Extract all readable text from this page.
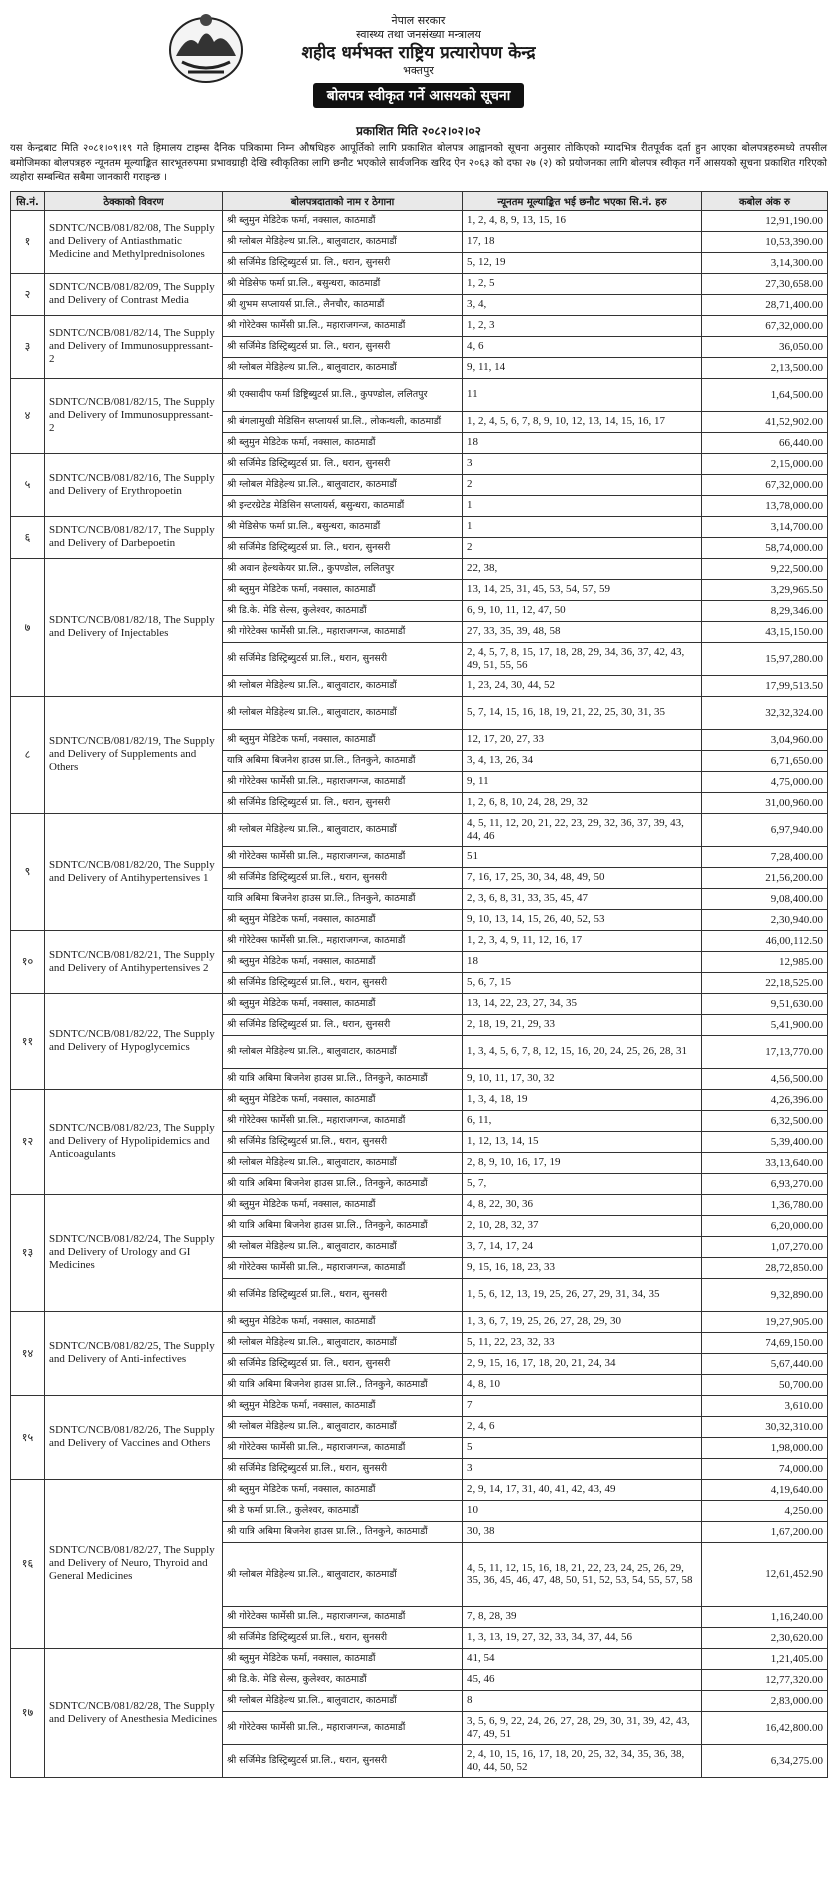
नेपाल सरकार
स्वास्थ्य तथा जनसंख्या मन्त्रालय
शहीद धर्मभक्त राष्ट्रिय प्रत्यारोपण केन्द्र
भक्तपुर
बोलपत्र स्वीकृत गर्ने आसयको सूचना
प्रकाशित मिति २०८२।०२।०२
यस केन्द्रबाट मिति २०८१।०९।१९ गते हिमालय टाइम्स दैनिक पत्रिकामा निम्न औषधिहरु आपूर्तिको लागि प्रकाशित बोलपत्र आह्वानको सूचना अनुसार तोकिएको म्यादभित्र रीतपूर्वक दर्ता हुन आएका बोलपत्रहरुमध्ये तपसील बमोजिमका बोलपत्रहरु न्यूनतम मूल्याङ्कित सारभूतरुपमा प्रभावग्राही देखि स्वीकृतिका लागि छनौट भएकोले सार्वजनिक खरिद ऐन २०६३ को दफा २७ (२) को प्रयोजनका लागि बोलपत्र स्वीकृत गर्ने आसयको सूचना प्रकाशित गरिएको व्यहोरा सम्बन्धित सबैमा जानकारी गराइन्छ ।
सि.नं.	ठेक्काको विवरण	बोलपत्रदाताको नाम र ठेगाना	न्यूनतम मूल्याङ्कित भई छनौट भएका सि.नं. हरु	कबोल अंक रु
१	SDNTC/NCB/081/82/08, The Supply and Delivery of Antiasthmatic Medicine and Methylprednisolones	श्री ब्लुमुन मेडिटेक फर्मा, नक्साल, काठमाडौं	1, 2, 4, 8, 9, 13, 15, 16	12,91,190.00
		श्री ग्लोबल मेडिहेल्थ प्रा.लि., बालुवाटार, काठमाडौं	17, 18	10,53,390.00
		श्री सर्जिमेड डिस्ट्रिब्युटर्स प्रा. लि., धरान, सुनसरी	5, 12, 19	3,14,300.00
२	SDNTC/NCB/081/82/09, The Supply and Delivery of Contrast Media	श्री मेडिसेफ फर्मा प्रा.लि., बसुन्धरा, काठमाडौं	1, 2, 5	27,30,658.00
		श्री शुभम सप्लायर्स प्रा.लि., लैनचौर, काठमाडौं	3, 4,	28,71,400.00
३	SDNTC/NCB/081/82/14, The Supply and Delivery of Immunosuppressant-2	श्री गोरेटेक्स फार्मेसी प्रा.लि., महाराजगन्ज, काठमाडौं	1, 2, 3	67,32,000.00
		श्री सर्जिमेड डिस्ट्रिब्युटर्स प्रा. लि., धरान, सुनसरी	4, 6	36,050.00
		श्री ग्लोबल मेडिहेल्थ प्रा.लि., बालुवाटार, काठमाडौं	9, 11, 14	2,13,500.00
४	SDNTC/NCB/081/82/15, The Supply and Delivery of Immunosuppressant-2	श्री एक्सादीप फर्मा डिष्ट्रिब्युटर्स प्रा.लि., कुपण्डोल, ललितपुर	11	1,64,500.00
		श्री बंगलामुखी मेडिसिन सप्लायर्स प्रा.लि., लोकन्थली, काठमाडौं	1, 2, 4, 5, 6, 7, 8, 9, 10, 12, 13, 14, 15, 16, 17	41,52,902.00
		श्री ब्लुमुन मेडिटेक फर्मा, नक्साल, काठमाडौं	18	66,440.00
५	SDNTC/NCB/081/82/16, The Supply and Delivery of Erythropoetin	श्री सर्जिमेड डिस्ट्रिब्युटर्स प्रा. लि., धरान, सुनसरी	3	2,15,000.00
		श्री ग्लोबल मेडिहेल्थ प्रा.लि., बालुवाटार, काठमाडौं	2	67,32,000.00
		श्री इन्टरग्रेटेड मेडिसिन सप्लायर्स, बसुन्धरा, काठमाडौं	1	13,78,000.00
६	SDNTC/NCB/081/82/17, The Supply and Delivery of Darbepoetin	श्री मेडिसेफ फर्मा प्रा.लि., बसुन्धरा, काठमाडौं	1	3,14,700.00
		श्री सर्जिमेड डिस्ट्रिब्युटर्स प्रा. लि., धरान, सुनसरी	2	58,74,000.00
७	SDNTC/NCB/081/82/18, The Supply and Delivery of Injectables	श्री अवान हेल्थकेयर प्रा.लि., कुपण्डोल, ललितपुर	22, 38,	9,22,500.00
		श्री ब्लुमुन मेडिटेक फर्मा, नक्साल, काठमाडौं	13, 14, 25, 31, 45, 53, 54, 57, 59	3,29,965.50
		श्री डि.के. मेडि सेल्स, कुलेश्वर, काठमाडौं	6, 9, 10, 11, 12, 47, 50	8,29,346.00
		श्री गोरेटेक्स फार्मेसी प्रा.लि., महाराजगन्ज, काठमाडौं	27, 33, 35, 39, 48, 58	43,15,150.00
		श्री सर्जिमेड डिस्ट्रिब्युटर्स प्रा.लि., धरान, सुनसरी	2, 4, 5, 7, 8, 15, 17, 18, 28, 29, 34, 36, 37, 42, 43, 49, 51, 55, 56	15,97,280.00
		श्री ग्लोबल मेडिहेल्थ प्रा.लि., बालुवाटार, काठमाडौं	1, 23, 24, 30, 44, 52	17,99,513.50
८	SDNTC/NCB/081/82/19, The Supply and Delivery of Supplements and Others	श्री ग्लोबल मेडिहेल्थ प्रा.लि., बालुवाटार, काठमाडौं	5, 7, 14, 15, 16, 18, 19, 21, 22, 25, 30, 31, 35	32,32,324.00
		श्री ब्लुमुन मेडिटेक फर्मा, नक्साल, काठमाडौं	12, 17, 20, 27, 33	3,04,960.00
		यात्रि अबिमा बिजनेश हाउस प्रा.लि., तिनकुने, काठमाडौं	3, 4, 13, 26, 34	6,71,650.00
		श्री गोरेटेक्स फार्मेसी प्रा.लि., महाराजगन्ज, काठमाडौं	9, 11	4,75,000.00
		श्री सर्जिमेड डिस्ट्रिब्युटर्स प्रा. लि., धरान, सुनसरी	1, 2, 6, 8, 10, 24, 28, 29, 32	31,00,960.00
९	SDNTC/NCB/081/82/20, The Supply and Delivery of Antihypertensives 1	श्री ग्लोबल मेडिहेल्थ प्रा.लि., बालुवाटार, काठमाडौं	4, 5, 11, 12, 20, 21, 22, 23, 29, 32, 36, 37, 39, 43, 44, 46	6,97,940.00
		श्री गोरेटेक्स फार्मेसी प्रा.लि., महाराजगन्ज, काठमाडौं	51	7,28,400.00
		श्री सर्जिमेड डिस्ट्रिब्युटर्स प्रा.लि., धरान, सुनसरी	7, 16, 17, 25, 30, 34, 48, 49, 50	21,56,200.00
		यात्रि अबिमा बिजनेश हाउस प्रा.लि., तिनकुने, काठमाडौं	2, 3, 6, 8, 31, 33, 35, 45, 47	9,08,400.00
		श्री ब्लुमुन मेडिटेक फर्मा, नक्साल, काठमाडौं	9, 10, 13, 14, 15, 26, 40, 52, 53	2,30,940.00
१०	SDNTC/NCB/081/82/21, The Supply and Delivery of Antihypertensives 2	श्री गोरेटेक्स फार्मेसी प्रा.लि., महाराजगन्ज, काठमाडौं	1, 2, 3, 4, 9, 11, 12, 16, 17	46,00,112.50
		श्री ब्लुमुन मेडिटेक फर्मा, नक्साल, काठमाडौं	18	12,985.00
		श्री सर्जिमेड डिस्ट्रिब्युटर्स प्रा.लि., धरान, सुनसरी	5, 6, 7, 15	22,18,525.00
११	SDNTC/NCB/081/82/22, The Supply and Delivery of Hypoglycemics	श्री ब्लुमुन मेडिटेक फर्मा, नक्साल, काठमाडौं	13, 14, 22, 23, 27, 34, 35	9,51,630.00
		श्री सर्जिमेड डिस्ट्रिब्युटर्स प्रा. लि., धरान, सुनसरी	2, 18, 19, 21, 29, 33	5,41,900.00
		श्री ग्लोबल मेडिहेल्थ प्रा.लि., बालुवाटार, काठमाडौं	1, 3, 4, 5, 6, 7, 8, 12, 15, 16, 20, 24, 25, 26, 28, 31	17,13,770.00
		श्री यात्रि अबिमा बिजनेश हाउस प्रा.लि., तिनकुने, काठमाडौं	9, 10, 11, 17, 30, 32	4,56,500.00
१२	SDNTC/NCB/081/82/23, The Supply and Delivery of Hypolipidemics and Anticoagulants	श्री ब्लुमुन मेडिटेक फर्मा, नक्साल, काठमाडौं	1, 3, 4, 18, 19	4,26,396.00
		श्री गोरेटेक्स फार्मेसी प्रा.लि., महाराजगन्ज, काठमाडौं	6, 11,	6,32,500.00
		श्री सर्जिमेड डिस्ट्रिब्युटर्स प्रा.लि., धरान, सुनसरी	1, 12, 13, 14, 15	5,39,400.00
		श्री ग्लोबल मेडिहेल्थ प्रा.लि., बालुवाटार, काठमाडौं	2, 8, 9, 10, 16, 17, 19	33,13,640.00
		श्री यात्रि अबिमा बिजनेश हाउस प्रा.लि., तिनकुने, काठमाडौं	5, 7,	6,93,270.00
१३	SDNTC/NCB/081/82/24, The Supply and Delivery of Urology and GI Medicines	श्री ब्लुमुन मेडिटेक फर्मा, नक्साल, काठमाडौं	4, 8, 22, 30, 36	1,36,780.00
		श्री यात्रि अबिमा बिजनेश हाउस प्रा.लि., तिनकुने, काठमाडौं	2, 10, 28, 32, 37	6,20,000.00
		श्री ग्लोबल मेडिहेल्थ प्रा.लि., बालुवाटार, काठमाडौं	3, 7, 14, 17, 24	1,07,270.00
		श्री गोरेटेक्स फार्मेसी प्रा.लि., महाराजगन्ज, काठमाडौं	9, 15, 16, 18, 23, 33	28,72,850.00
		श्री सर्जिमेड डिस्ट्रिब्युटर्स प्रा.लि., धरान, सुनसरी	1, 5, 6, 12, 13, 19, 25, 26, 27, 29, 31, 34, 35	9,32,890.00
१४	SDNTC/NCB/081/82/25, The Supply and Delivery of Anti-infectives	श्री ब्लुमुन मेडिटेक फर्मा, नक्साल, काठमाडौं	1, 3, 6, 7, 19, 25, 26, 27, 28, 29, 30	19,27,905.00
		श्री ग्लोबल मेडिहेल्थ प्रा.लि., बालुवाटार, काठमाडौं	5, 11, 22, 23, 32, 33	74,69,150.00
		श्री सर्जिमेड डिस्ट्रिब्युटर्स प्रा. लि., धरान, सुनसरी	2, 9, 15, 16, 17, 18, 20, 21, 24, 34	5,67,440.00
		श्री यात्रि अबिमा बिजनेश हाउस प्रा.लि., तिनकुने, काठमाडौं	4, 8, 10	50,700.00
१५	SDNTC/NCB/081/82/26, The Supply and Delivery of Vaccines and Others	श्री ब्लुमुन मेडिटेक फर्मा, नक्साल, काठमाडौं	7	3,610.00
		श्री ग्लोबल मेडिहेल्थ प्रा.लि., बालुवाटार, काठमाडौं	2, 4, 6	30,32,310.00
		श्री गोरेटेक्स फार्मेसी प्रा.लि., महाराजगन्ज, काठमाडौं	5	1,98,000.00
		श्री सर्जिमेड डिस्ट्रिब्युटर्स प्रा.लि., धरान, सुनसरी	3	74,000.00
१६	SDNTC/NCB/081/82/27, The Supply and Delivery of Neuro, Thyroid and General Medicines	श्री ब्लुमुन मेडिटेक फर्मा, नक्साल, काठमाडौं	2, 9, 14, 17, 31, 40, 41, 42, 43, 49	4,19,640.00
		श्री डे फर्मा प्रा.लि., कुलेश्वर, काठमाडौं	10	4,250.00
		श्री यात्रि अबिमा बिजनेश हाउस प्रा.लि., तिनकुने, काठमाडौं	30, 38	1,67,200.00
		श्री ग्लोबल मेडिहेल्थ प्रा.लि., बालुवाटार, काठमाडौं	4, 5, 11, 12, 15, 16, 18, 21, 22, 23, 24, 25, 26, 29, 35, 36, 45, 46, 47, 48, 50, 51, 52, 53, 54, 55, 57, 58	12,61,452.90
		श्री गोरेटेक्स फार्मेसी प्रा.लि., महाराजगन्ज, काठमाडौं	7, 8, 28, 39	1,16,240.00
		श्री सर्जिमेड डिस्ट्रिब्युटर्स प्रा.लि., धरान, सुनसरी	1, 3, 13, 19, 27, 32, 33, 34, 37, 44, 56	2,30,620.00
१७	SDNTC/NCB/081/82/28, The Supply and Delivery of Anesthesia Medicines	श्री ब्लुमुन मेडिटेक फर्मा, नक्साल, काठमाडौं	41, 54	1,21,405.00
		श्री डि.के. मेडि सेल्स, कुलेश्वर, काठमाडौं	45, 46	12,77,320.00
		श्री ग्लोबल मेडिहेल्थ प्रा.लि., बालुवाटार, काठमाडौं	8	2,83,000.00
		श्री गोरेटेक्स फार्मेसी प्रा.लि., महाराजगन्ज, काठमाडौं	3, 5, 6, 9, 22, 24, 26, 27, 28, 29, 30, 31, 39, 42, 43, 47, 49, 51	16,42,800.00
		श्री सर्जिमेड डिस्ट्रिब्युटर्स प्रा.लि., धरान, सुनसरी	2, 4, 10, 15, 16, 17, 18, 20, 25, 32, 34, 35, 36, 38, 40, 44, 50, 52	6,34,275.00
